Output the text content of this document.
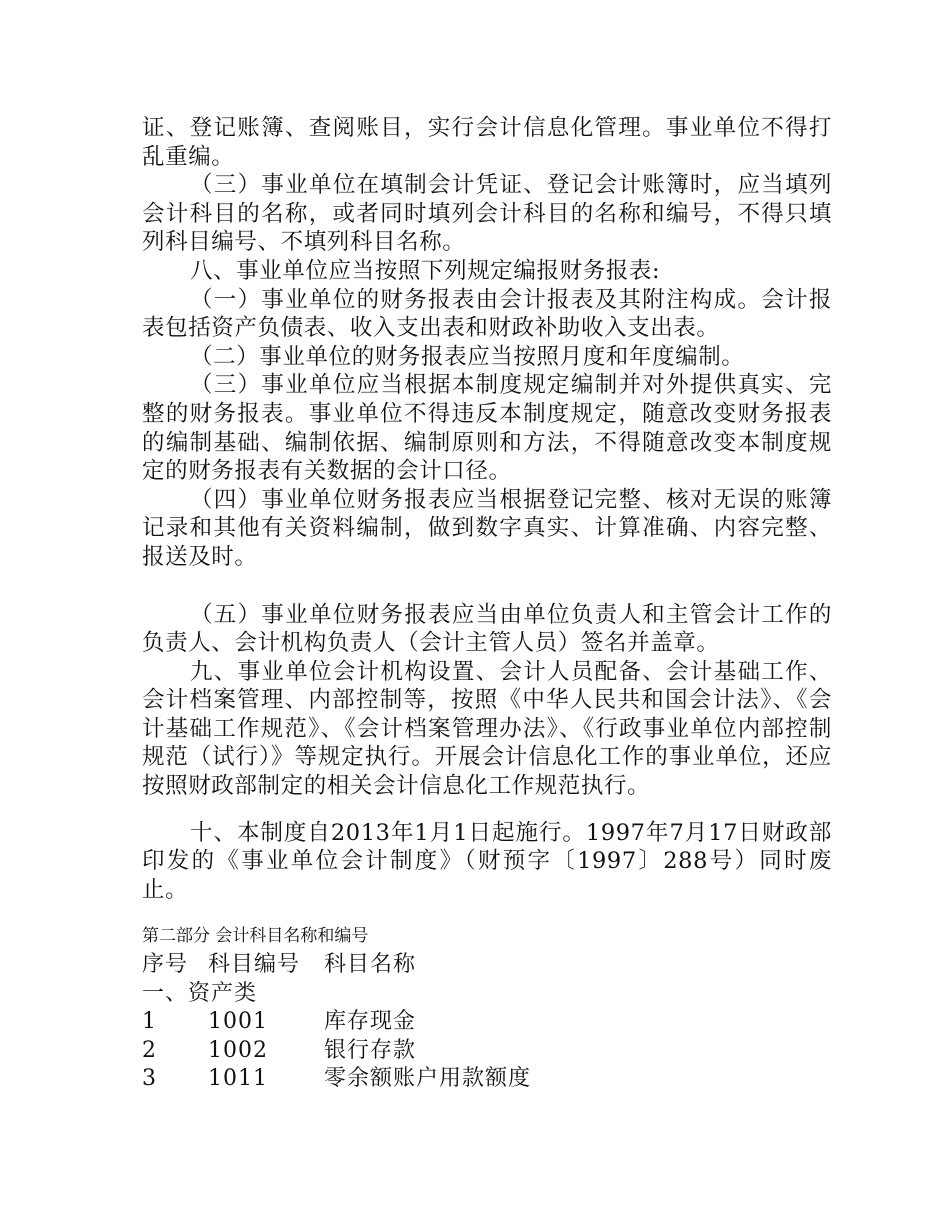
证、登记账簿、查阅账目，实行会计信息化管理。事业单位不得打乱重编。

（三）事业单位在填制会计凭证、登记会计账簿时，应当填列会计科目的名称，或者同时填列会计科目的名称和编号，不得只填列科目编号、不填列科目名称。

八、事业单位应当按照下列规定编报财务报表:

（一）事业单位的财务报表由会计报表及其附注构成。会计报表包括资产负债表、收入支出表和财政补助收入支出表。

（二）事业单位的财务报表应当按照月度和年度编制。

（三）事业单位应当根据本制度规定编制并对外提供真实、完整的财务报表。事业单位不得违反本制度规定，随意改变财务报表的编制基础、编制依据、编制原则和方法，不得随意改变本制度规定的财务报表有关数据的会计口径。

（四）事业单位财务报表应当根据登记完整、核对无误的账簿记录和其他有关资料编制，做到数字真实、计算准确、内容完整、报送及时。

（五）事业单位财务报表应当由单位负责人和主管会计工作的负责人、会计机构负责人（会计主管人员）签名并盖章。

九、事业单位会计机构设置、会计人员配备、会计基础工作、会计档案管理、内部控制等，按照《中华人民共和国会计法》、《会计基础工作规范》、《会计档案管理办法》、《行政事业单位内部控制规范（试行）》等规定执行。开展会计信息化工作的事业单位，还应按照财政部制定的相关会计信息化工作规范执行。

十、本制度自2013年1月1日起施行。1997年7月17日财政部印发的《事业单位会计制度》（财预字〔1997〕288号）同时废止。

第二部分 会计科目名称和编号
序号 科目编号 科目名称
一、资产类
1 1001	库存现金
2 1002	银行存款
3 1011	零余额账户用款额度
